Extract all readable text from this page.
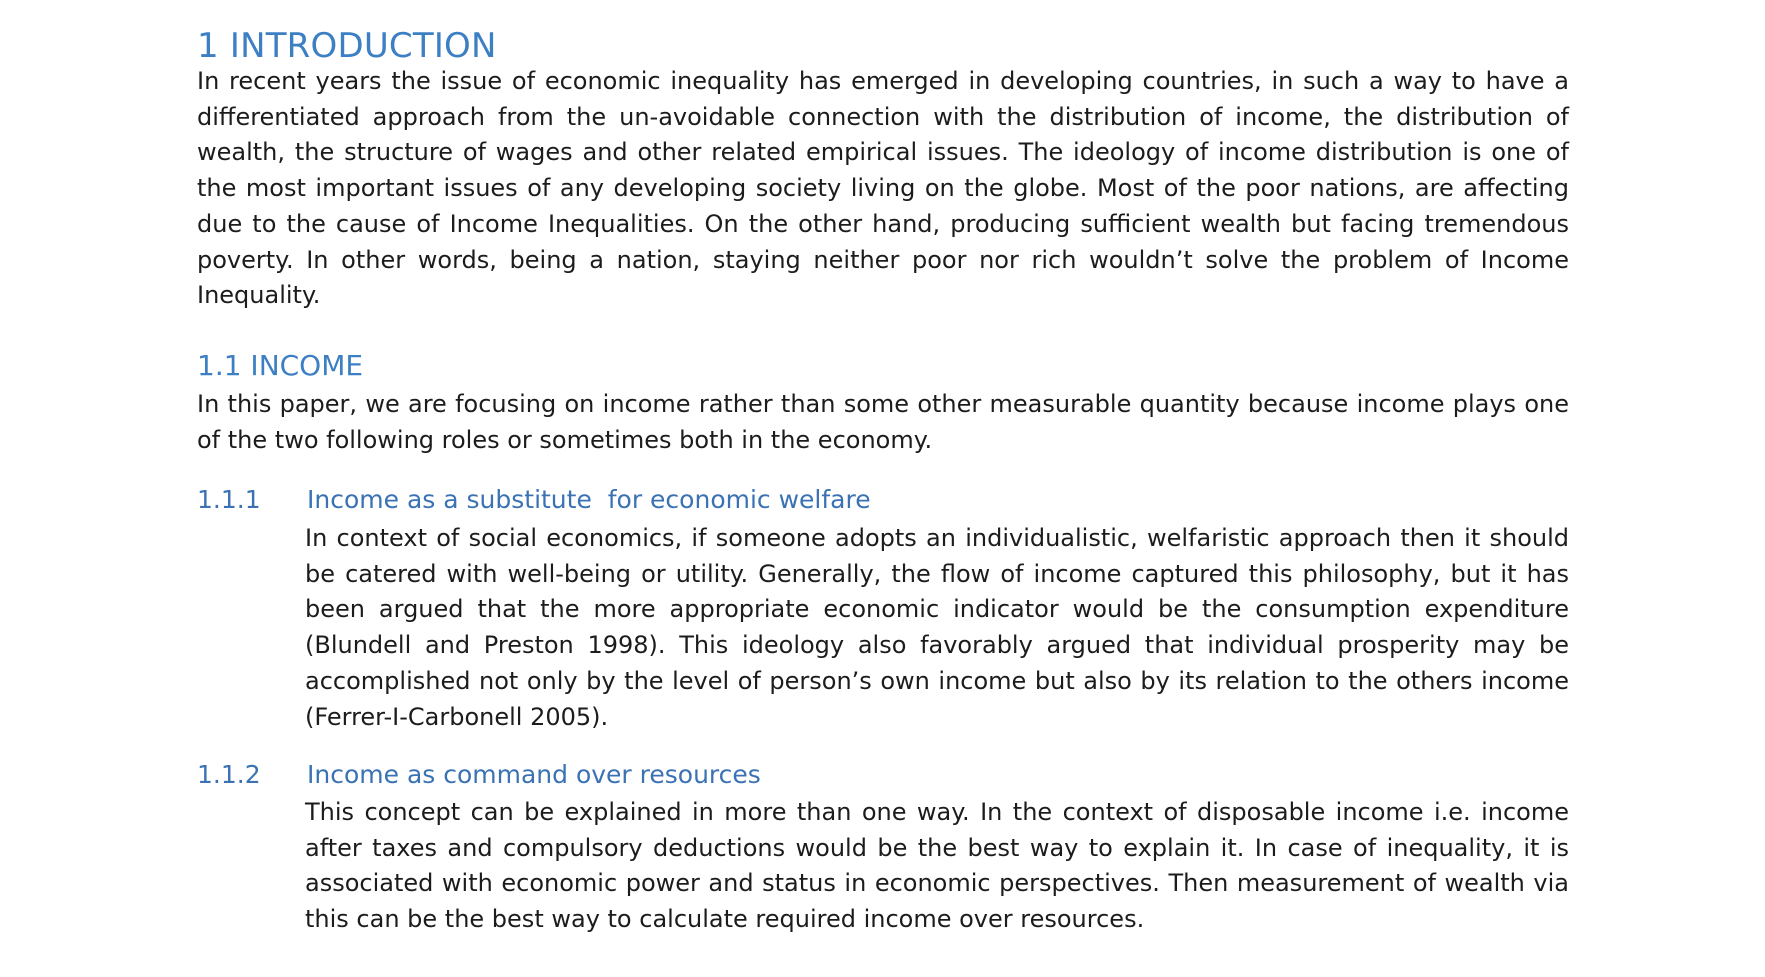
1 INTRODUCTION

In recent years the issue of economic inequality has emerged in developing countries, in such a way to have a differentiated approach from the un-avoidable connection with the distribution of income, the distribution of wealth, the structure of wages and other related empirical issues. The ideology of income distribution is one of the most important issues of any developing society living on the globe. Most of the poor nations, are affecting due to the cause of Income Inequalities. On the other hand, producing sufficient wealth but facing tremendous poverty. In other words, being a nation, staying neither poor nor rich wouldn’t solve the problem of Income Inequality.

1.1 INCOME

In this paper, we are focusing on income rather than some other measurable quantity because income plays one of the two following roles or sometimes both in the economy.

1.1.1	Income as a substitute  for economic welfare

In context of social economics, if someone adopts an individualistic, welfaristic approach then it should be catered with well-being or utility. Generally, the flow of income captured this philosophy, but it has been argued that the more appropriate economic indicator would be the consumption expenditure (Blundell and Preston 1998). This ideology also favorably argued that individual prosperity may be accomplished not only by the level of person’s own income but also by its relation to the others income (Ferrer-I-Carbonell 2005).

1.1.2	Income as command over resources

This concept can be explained in more than one way. In the context of disposable income i.e. income after taxes and compulsory deductions would be the best way to explain it. In case of inequality, it is associated with economic power and status in economic perspectives. Then measurement of wealth via this can be the best way to calculate required income over resources.
